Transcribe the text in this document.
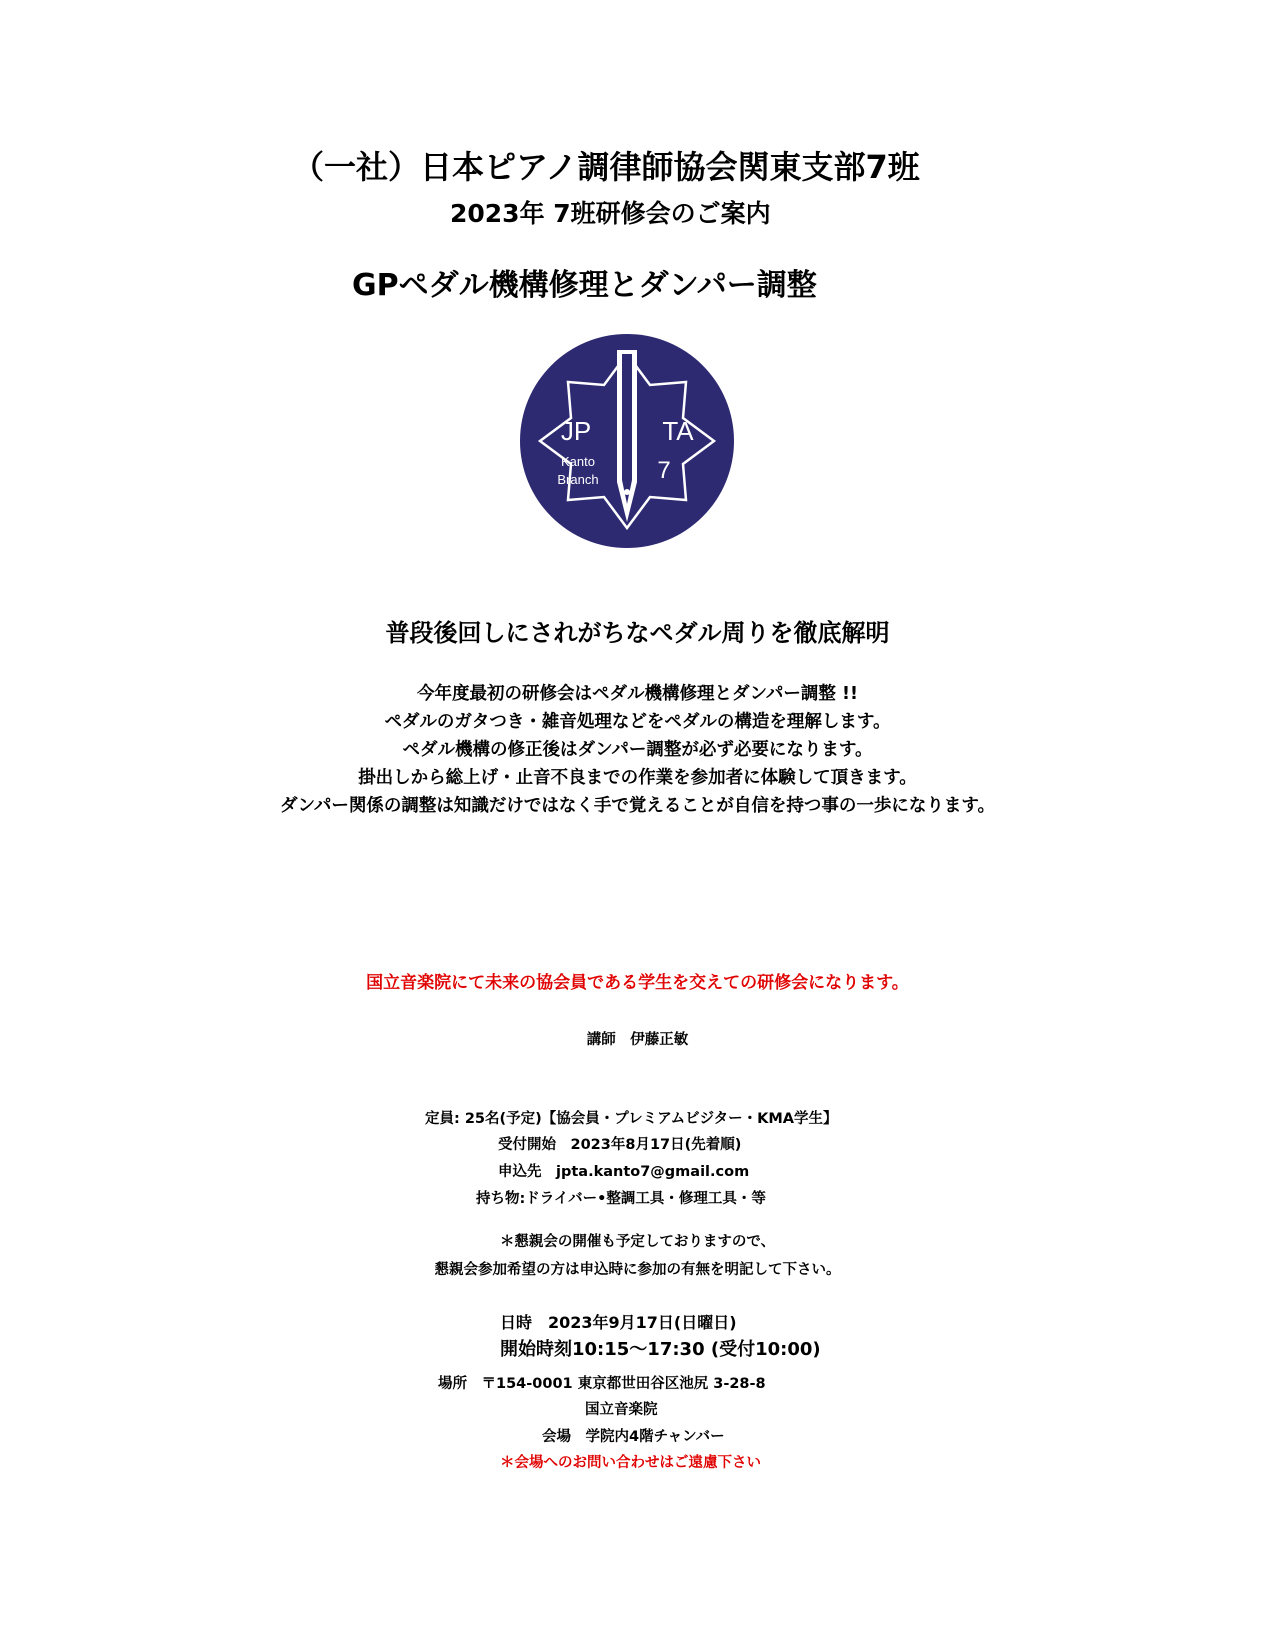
（一社）日本ピアノ調律師協会関東支部7班
2023年 7班研修会のご案内
GPペダル機構修理とダンパー調整
JP	TA
Kanto
Branch 7
普段後回しにされがちなペダル周りを徹底解明
今年度最初の研修会はペダル機構修理とダンパー調整 !!
ペダルのガタつき・雑音処理などをペダルの構造を理解します。
ペダル機構の修正後はダンパー調整が必ず必要になります。
掛出しから総上げ・止音不良までの作業を参加者に体験して頂きます。
ダンパー関係の調整は知識だけではなく手で覚えることが自信を持つ事の一歩になります。
国立音楽院にて未来の協会員である学生を交えての研修会になります。
講師　伊藤正敏
定員: 25名(予定)【協会員・プレミアムビジター・KMA学生】
受付開始　2023年8月17日(先着順)
申込先　jpta.kanto7@gmail.com
持ち物:ドライバー•整調工具・修理工具・等
＊懇親会の開催も予定しておりますので、
懇親会参加希望の方は申込時に参加の有無を明記して下さい。
日時　2023年9月17日(日曜日)
開始時刻10:15～17:30 (受付10:00)
場所　〒154-0001 東京都世田谷区池尻 3-28-8
国立音楽院
会場　学院内4階チャンバー
＊会場へのお問い合わせはご遠慮下さい
